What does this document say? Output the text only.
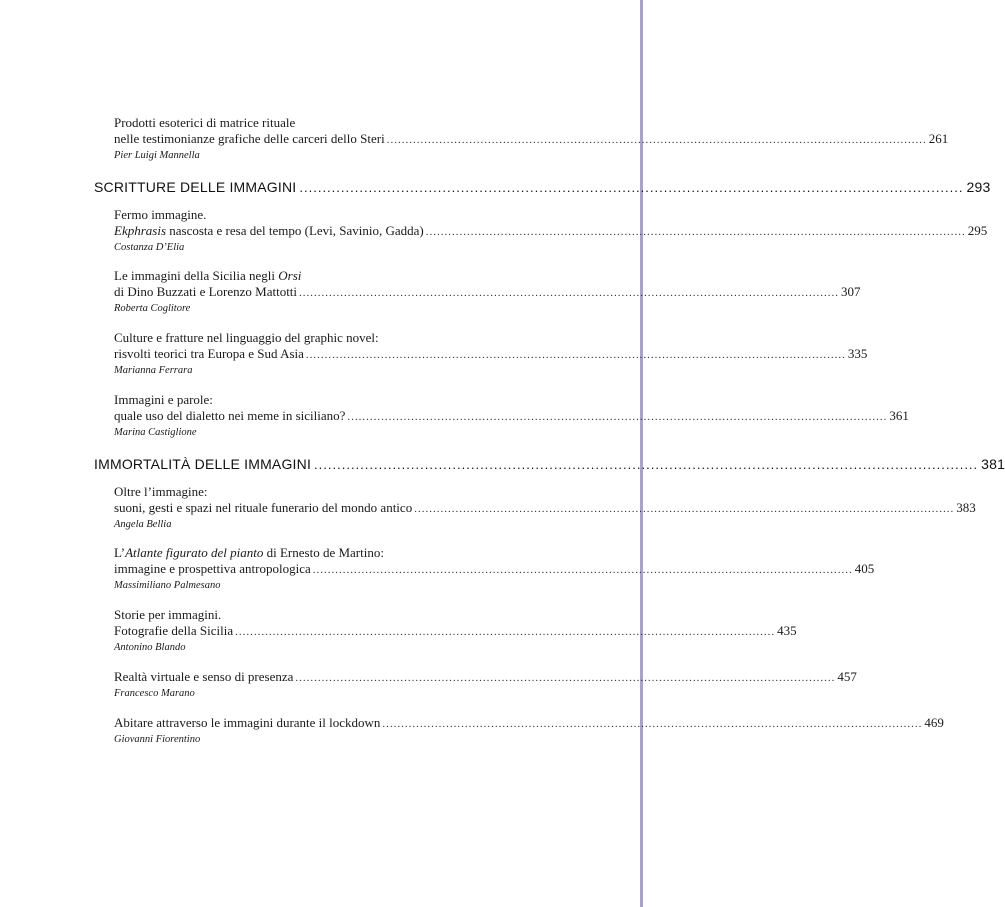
Prodotti esoterici di matrice rituale
nelle testimonianze grafiche delle carceri dello Steri ................................................................................................................................................ 261
Pier Luigi Mannella
SCRITTURE DELLE IMMAGINI ................................................................................................................................................ 293
Fermo immagine.
Ekphrasis nascosta e resa del tempo (Levi, Savinio, Gadda) ................................................................................................................................................ 295
Costanza D’Elia
Le immagini della Sicilia negli Orsi
di Dino Buzzati e Lorenzo Mattotti ................................................................................................................................................ 307
Roberta Coglitore
Culture e fratture nel linguaggio del graphic novel:
risvolti teorici tra Europa e Sud Asia ................................................................................................................................................ 335
Marianna Ferrara
Immagini e parole:
quale uso del dialetto nei meme in siciliano? ................................................................................................................................................ 361
Marina Castiglione
IMMORTALITÀ DELLE IMMAGINI ................................................................................................................................................ 381
Oltre l’immagine:
suoni, gesti e spazi nel rituale funerario del mondo antico ................................................................................................................................................ 383
Angela Bellia
L’Atlante figurato del pianto di Ernesto de Martino:
immagine e prospettiva antropologica ................................................................................................................................................ 405
Massimiliano Palmesano
Storie per immagini.
Fotografie della Sicilia ................................................................................................................................................ 435
Antonino Blando
Realtà virtuale e senso di presenza ................................................................................................................................................ 457
Francesco Marano
Abitare attraverso le immagini durante il lockdown ................................................................................................................................................ 469
Giovanni Fiorentino
